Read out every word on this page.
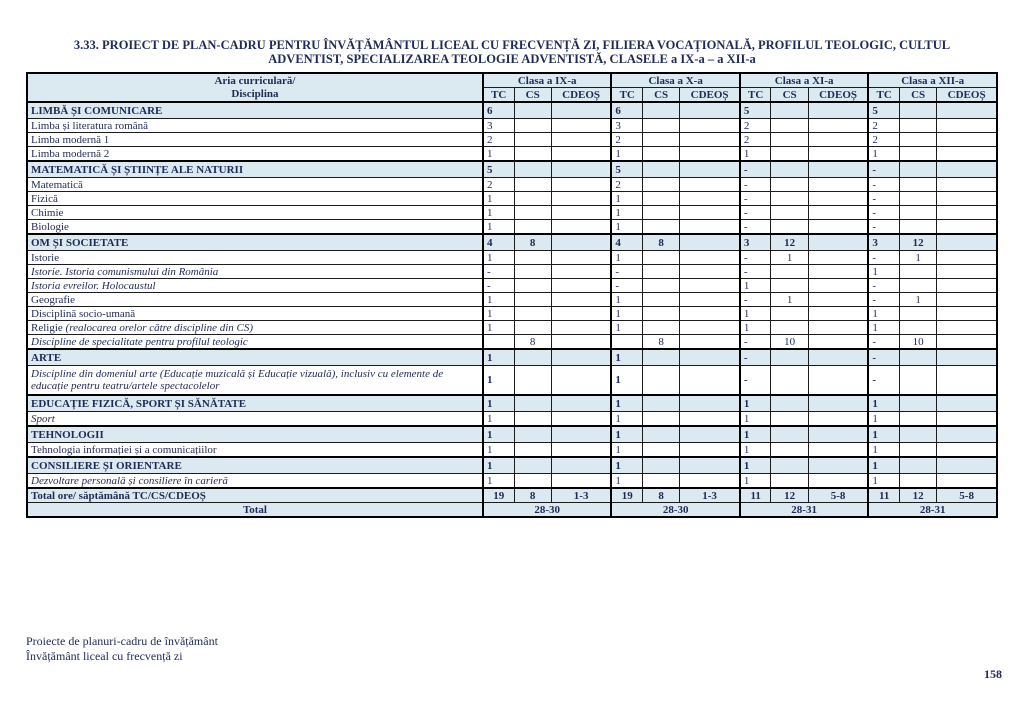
3.33. PROIECT DE PLAN-CADRU PENTRU ÎNVĂȚĂMÂNTUL LICEAL CU FRECVENȚĂ ZI, FILIERA VOCAȚIONALĂ, PROFILUL TEOLOGIC, CULTUL ADVENTIST, SPECIALIZAREA TEOLOGIE ADVENTISTĂ, CLASELE a IX-a – a XII-a
Aria curriculară/
Disciplina	Clasa a IX-a			Clasa a X-a			Clasa a XI-a			Clasa a XII-a		
	TC	CS	CDEOȘ	TC	CS	CDEOȘ	TC	CS	CDEOȘ	TC	CS	CDEOȘ
LIMBĂ ȘI COMUNICARE	6			6			5			5		
Limba și literatura română	3			3			2			2		
Limba modernă 1	2			2			2			2		
Limba modernă 2	1			1			1			1		
MATEMATICĂ ȘI ȘTIINȚE ALE NATURII	5			5			-			-		
Matematică	2			2			-			-		
Fizică	1			1			-			-		
Chimie	1			1			-			-		
Biologie	1			1			-			-		
OM ȘI SOCIETATE	4	8		4	8		3	12		3	12	
Istorie	1			1			-	1		-	1	
Istorie. Istoria comunismului din România	-			-			-			1		
Istoria evreilor. Holocaustul	-			-			1			-		
Geografie	1			1			-	1		-	1	
Disciplină socio-umană	1			1			1			1		
Religie (realocarea orelor către discipline din CS)	1			1			1			1		
Discipline de specialitate pentru profilul teologic		8			8		-	10		-	10	
ARTE	1			1			-			-		
Discipline din domeniul arte (Educație muzicală și Educație vizuală), inclusiv cu elemente de educație pentru teatru/artele spectacolelor	1			1			-			-		
EDUCAȚIE FIZICĂ, SPORT ȘI SĂNĂTATE	1			1			1			1		
Sport	1			1			1			1		
TEHNOLOGII	1			1			1			1		
Tehnologia informației și a comunicațiilor	1			1			1			1		
CONSILIERE ȘI ORIENTARE	1			1			1			1		
Dezvoltare personală și consiliere în carieră	1			1			1			1		
Total ore/ săptămână TC/CS/CDEOȘ	19	8	1-3	19	8	1-3	11	12	5-8	11	12	5-8
Total	28-30			28-30			28-31			28-31		
Proiecte de planuri-cadru de învățământ
Învățământ liceal cu frecvență zi
158
